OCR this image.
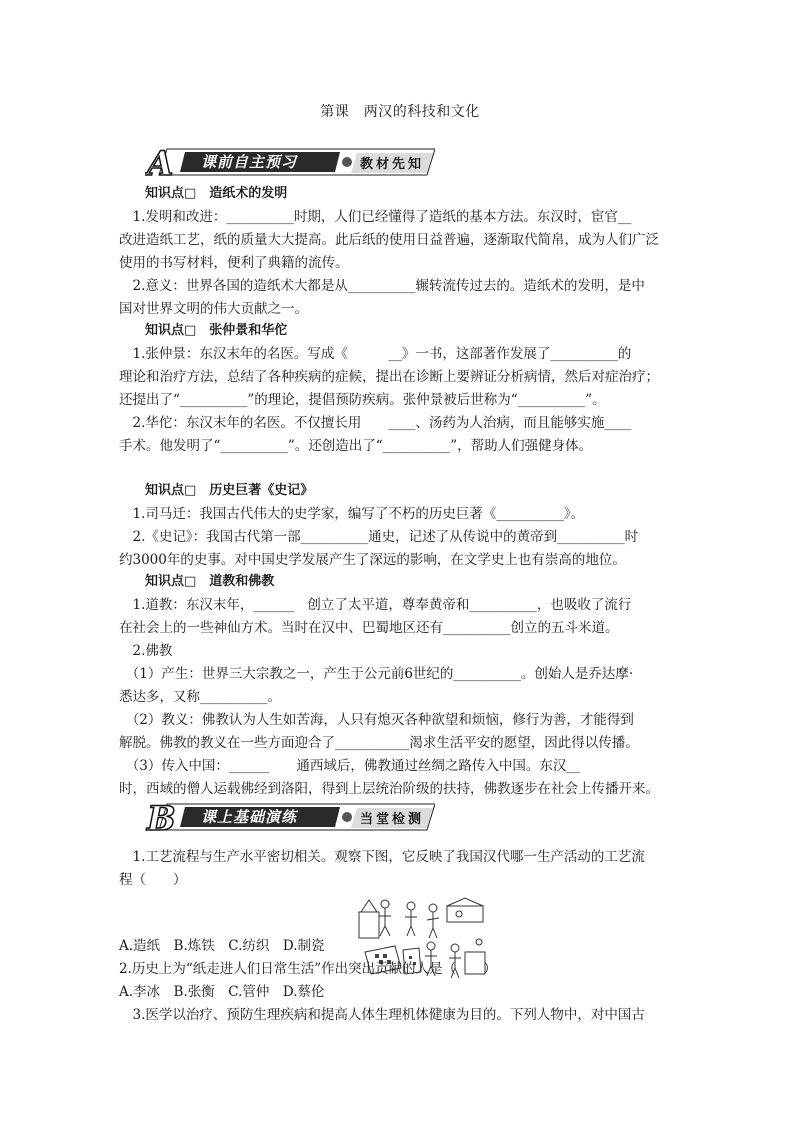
第课　两汉的科技和文化
A 课前自主预习	教材先知
知识点□　造纸术的发明
　1.发明和改进：__________时期，人们已经懂得了造纸的基本方法。东汉时，宦官__
改进造纸工艺，纸的质量大大提高。此后纸的使用日益普遍，逐渐取代简帛，成为人们广泛
使用的书写材料，便利了典籍的流传。
　2.意义：世界各国的造纸术大都是从__________辗转流传过去的。造纸术的发明，是中
国对世界文明的伟大贡献之一。
知识点□　张仲景和华佗
　1.张仲景：东汉末年的名医。写成《　　　__》一书，这部著作发展了__________的
理论和治疗方法，总结了各种疾病的症候，提出在诊断上要辨证分析病情，然后对症治疗；
还提出了“__________”的理论，提倡预防疾病。张仲景被后世称为“__________”。
　2.华佗：东汉末年的名医。不仅擅长用　　____、汤药为人治病，而且能够实施____
手术。他发明了“__________”。还创造出了“__________”，帮助人们强健身体。
知识点□　历史巨著《史记》
　1.司马迁：我国古代伟大的史学家，编写了不朽的历史巨著《__________》。
　2.《史记》：我国古代第一部__________通史，记述了从传说中的黄帝到__________时
约3000年的史事。对中国史学发展产生了深远的影响，在文学史上也有崇高的地位。
知识点□　道教和佛教
　1.道教：东汉末年，______　创立了太平道，尊奉黄帝和__________，也吸收了流行
在社会上的一些神仙方术。当时在汉中、巴蜀地区还有__________创立的五斗米道。
　2.佛教
　（1）产生：世界三大宗教之一，产生于公元前6世纪的__________。创始人是乔达摩·
悉达多，又称__________。
　（2）教义：佛教认为人生如苦海，人只有熄灭各种欲望和烦恼，修行为善，才能得到
解脱。佛教的教义在一些方面迎合了___________渴求生活平安的愿望，因此得以传播。
　（3）传入中国：______　　通西域后，佛教通过丝绸之路传入中国。东汉__
时，西域的僧人运载佛经到洛阳，得到上层统治阶级的扶持，佛教逐步在社会上传播开来。
B 课上基础演练	当堂检测
　1.工艺流程与生产水平密切相关。观察下图，它反映了我国汉代哪一生产活动的工艺流
程（　　）
A.造纸　B.炼铁　C.纺织　D.制瓷
2.历史上为“纸走进人们日常生活”作出突出贡献的人是（　　）
A.李冰　B.张衡　C.管仲　D.蔡伦
　3.医学以治疗、预防生理疾病和提高人体生理机体健康为目的。下列人物中，对中国古
